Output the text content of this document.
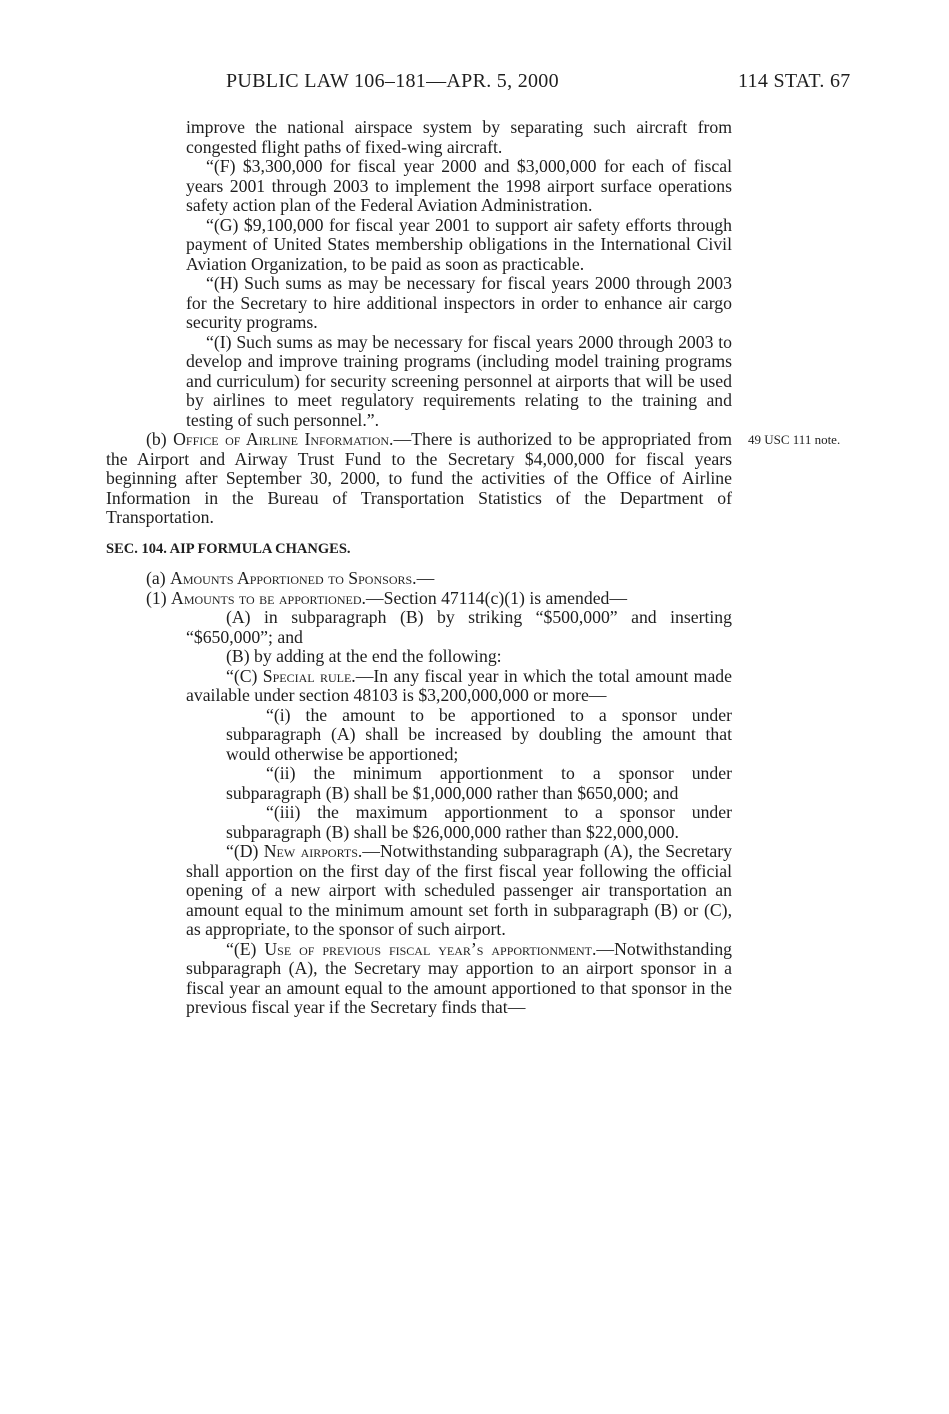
PUBLIC LAW 106–181—APR. 5, 2000	114 STAT. 67

improve the national airspace system by separating such aircraft from congested flight paths of fixed-wing aircraft.

“(F) $3,300,000 for fiscal year 2000 and $3,000,000 for each of fiscal years 2001 through 2003 to implement the 1998 airport surface operations safety action plan of the Federal Aviation Administration.

“(G) $9,100,000 for fiscal year 2001 to support air safety efforts through payment of United States membership obligations in the International Civil Aviation Organization, to be paid as soon as practicable.

“(H) Such sums as may be necessary for fiscal years 2000 through 2003 for the Secretary to hire additional inspectors in order to enhance air cargo security programs.

“(I) Such sums as may be necessary for fiscal years 2000 through 2003 to develop and improve training programs (including model training programs and curriculum) for security screening personnel at airports that will be used by airlines to meet regulatory requirements relating to the training and testing of such personnel.”.

(b) Office of Airline Information.—There is authorized to be appropriated from the Airport and Airway Trust Fund to the Secretary $4,000,000 for fiscal years beginning after September 30, 2000, to fund the activities of the Office of Airline Information in the Bureau of Transportation Statistics of the Department of Transportation.
49 USC 111 note.

SEC. 104. AIP FORMULA CHANGES.

(a) Amounts Apportioned to Sponsors.—

(1) Amounts to be apportioned.—Section 47114(c)(1) is amended—

(A) in subparagraph (B) by striking “$500,000” and inserting “$650,000”; and

(B) by adding at the end the following:

“(C) Special rule.—In any fiscal year in which the total amount made available under section 48103 is $3,200,000,000 or more—

“(i) the amount to be apportioned to a sponsor under subparagraph (A) shall be increased by doubling the amount that would otherwise be apportioned;

“(ii) the minimum apportionment to a sponsor under subparagraph (B) shall be $1,000,000 rather than $650,000; and

“(iii) the maximum apportionment to a sponsor under subparagraph (B) shall be $26,000,000 rather than $22,000,000.

“(D) New airports.—Notwithstanding subparagraph (A), the Secretary shall apportion on the first day of the first fiscal year following the official opening of a new airport with scheduled passenger air transportation an amount equal to the minimum amount set forth in subparagraph (B) or (C), as appropriate, to the sponsor of such airport.

“(E) Use of previous fiscal year’s apportionment.—Notwithstanding subparagraph (A), the Secretary may apportion to an airport sponsor in a fiscal year an amount equal to the amount apportioned to that sponsor in the previous fiscal year if the Secretary finds that—
